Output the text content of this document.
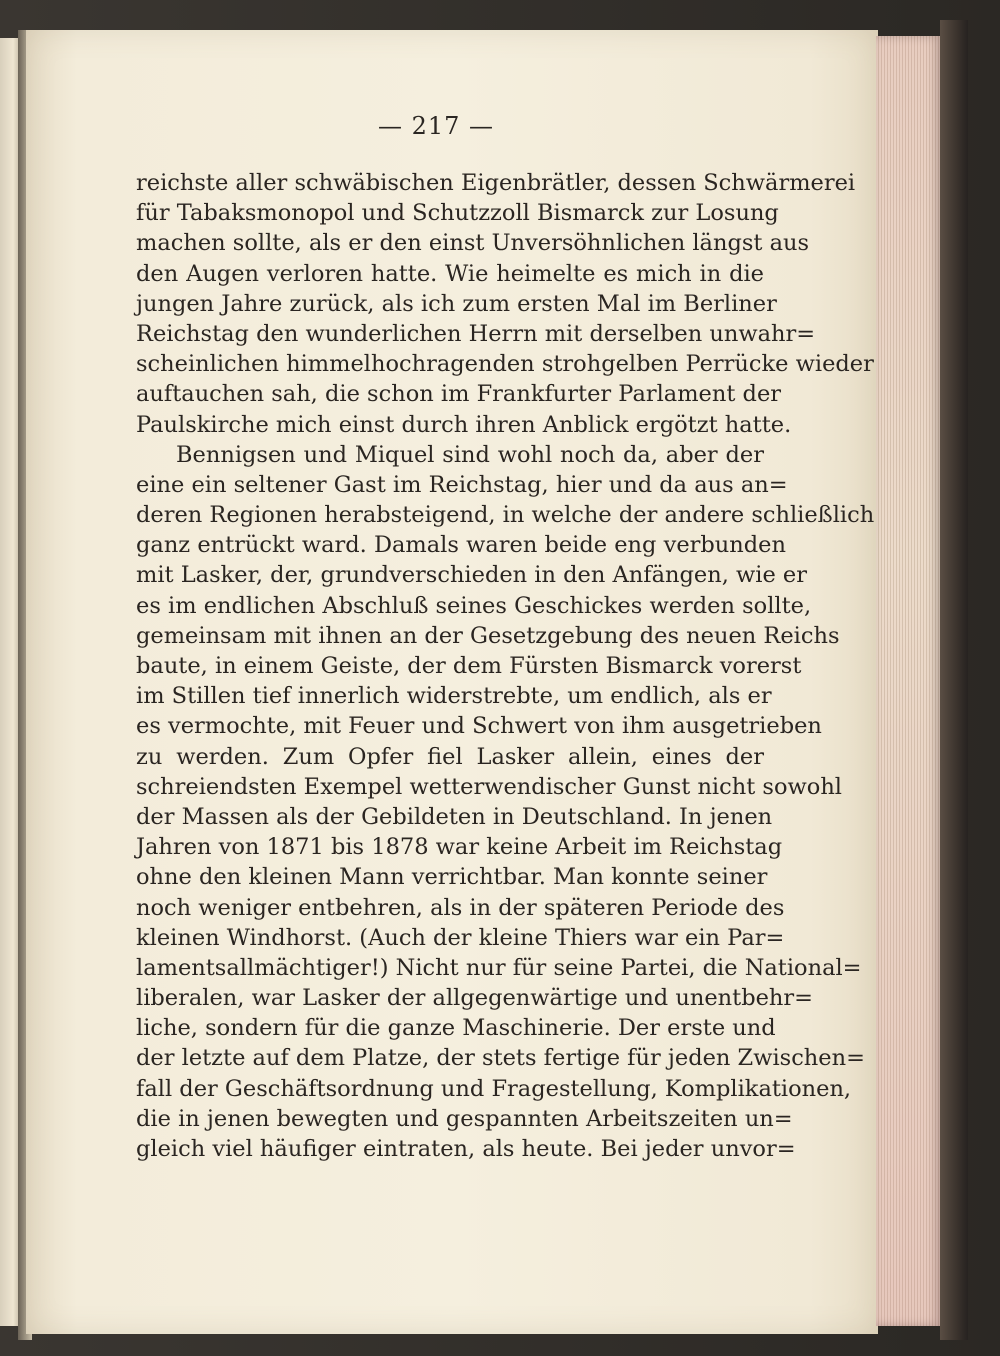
— 217 —
reichste aller schwäbischen Eigenbrätler, dessen Schwärmerei
für Tabaksmonopol und Schutzzoll Bismarck zur Losung
machen sollte, als er den einst Unversöhnlichen längst aus
den Augen verloren hatte. Wie heimelte es mich in die
jungen Jahre zurück, als ich zum ersten Mal im Berliner
Reichstag den wunderlichen Herrn mit derselben unwahr=
scheinlichen himmelhochragenden strohgelben Perrücke wieder
auftauchen sah, die schon im Frankfurter Parlament der
Paulskirche mich einst durch ihren Anblick ergötzt hatte.
Bennigsen und Miquel sind wohl noch da, aber der
eine ein seltener Gast im Reichstag, hier und da aus an=
deren Regionen herabsteigend, in welche der andere schließlich
ganz entrückt ward. Damals waren beide eng verbunden
mit Lasker, der, grundverschieden in den Anfängen, wie er
es im endlichen Abschluß seines Geschickes werden sollte,
gemeinsam mit ihnen an der Gesetzgebung des neuen Reichs
baute, in einem Geiste, der dem Fürsten Bismarck vorerst
im Stillen tief innerlich widerstrebte, um endlich, als er
es vermochte, mit Feuer und Schwert von ihm ausgetrieben
zu werden. Zum Opfer fiel Lasker allein, eines der
schreiendsten Exempel wetterwendischer Gunst nicht sowohl
der Massen als der Gebildeten in Deutschland. In jenen
Jahren von 1871 bis 1878 war keine Arbeit im Reichstag
ohne den kleinen Mann verrichtbar. Man konnte seiner
noch weniger entbehren, als in der späteren Periode des
kleinen Windhorst. (Auch der kleine Thiers war ein Par=
lamentsallmächtiger!) Nicht nur für seine Partei, die National=
liberalen, war Lasker der allgegenwärtige und unentbehr=
liche, sondern für die ganze Maschinerie. Der erste und
der letzte auf dem Platze, der stets fertige für jeden Zwischen=
fall der Geschäftsordnung und Fragestellung, Komplikationen,
die in jenen bewegten und gespannten Arbeitszeiten un=
gleich viel häufiger eintraten, als heute. Bei jeder unvor=
